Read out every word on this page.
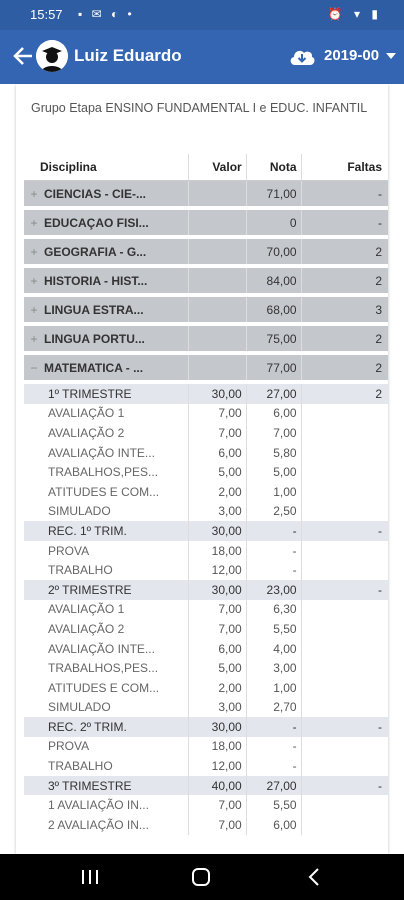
15:57 ▪ ✉ ◐ •	⏰ ▾ ▮
Luiz Eduardo	2019-00
Grupo Etapa ENSINO FUNDAMENTAL I e EDUC. INFANTIL
Disciplina	Valor	Nota	Faltas
+ CIENCIAS - CIE-...		71,00	-
+ EDUCAÇAO FISI...		0	-
+ GEOGRAFIA - G...		70,00	2
+ HISTORIA - HIST...		84,00	2
+ LINGUA ESTRA...		68,00	3
+ LINGUA PORTU...		75,00	2
− MATEMATICA - ...		77,00	2
1º TRIMESTRE	30,00	27,00	2
AVALIAÇÃO 1	7,00	6,00	
AVALIAÇÃO 2	7,00	7,00	
AVALIAÇÃO INTE...	6,00	5,80	
TRABALHOS,PES...	5,00	5,00	
ATITUDES E COM...	2,00	1,00	
SIMULADO	3,00	2,50	
REC. 1º TRIM.	30,00	-	-
PROVA	18,00	-	
TRABALHO	12,00	-	
2º TRIMESTRE	30,00	23,00	-
AVALIAÇÃO 1	7,00	6,30	
AVALIAÇÃO 2	7,00	5,50	
AVALIAÇÃO INTE...	6,00	4,00	
TRABALHOS,PES...	5,00	3,00	
ATITUDES E COM...	2,00	1,00	
SIMULADO	3,00	2,70	
REC. 2º TRIM.	30,00	-	-
PROVA	18,00	-	
TRABALHO	12,00	-	
3º TRIMESTRE	40,00	27,00	-
1 AVALIAÇÃO IN...	7,00	5,50	
2 AVALIAÇÃO IN...	7,00	6,00	
